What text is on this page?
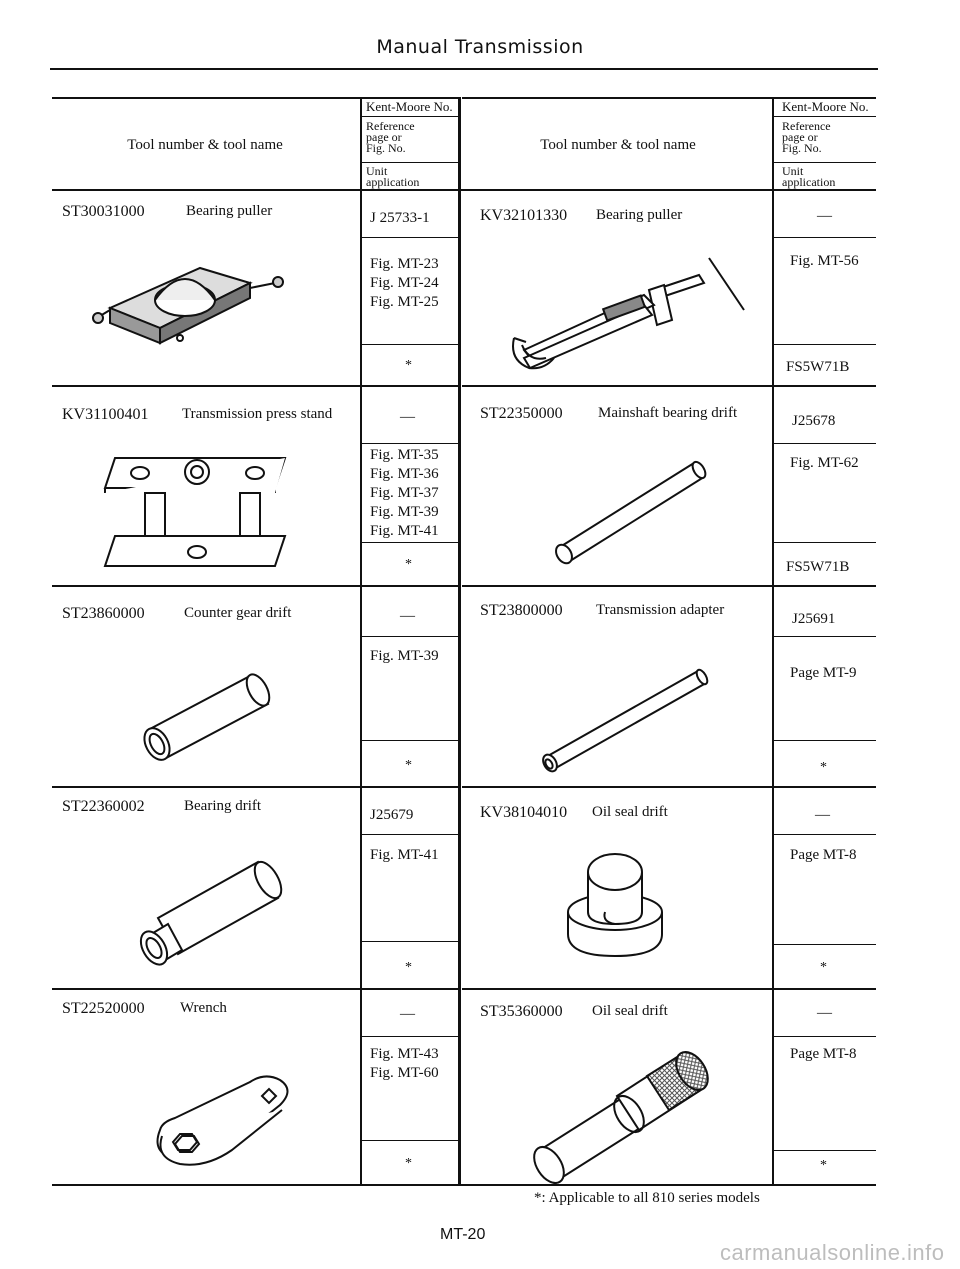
Manual Transmission
Tool number & tool name
Kent-Moore No.
Reference
page or
Fig. No.
Unit
application
Tool number & tool name
Kent-Moore No.
Reference
page or
Fig. No.
Unit
application
ST30031000	Bearing puller	J 25733-1
Fig. MT-23
Fig. MT-24
Fig. MT-25
*
KV31100401 Transmission press stand	—
Fig. MT-35
Fig. MT-36
Fig. MT-37
Fig. MT-39
Fig. MT-41
*
ST23860000	Counter gear drift	—
Fig. MT-39
*
ST22360002	Bearing drift
J25679
Fig. MT-41
*
ST22520000 Wrench	—
Fig. MT-43
Fig. MT-60
*
KV32101330 Bearing puller	—
Fig. MT-56
FS5W71B
ST22350000 Mainshaft bearing drift	J25678
Fig. MT-62
FS5W71B
ST23800000 Transmission adapter
J25691
Page MT-9
*
KV38104010 Oil seal drift	—
Page MT-8
*
ST35360000 Oil seal drift	—
Page MT-8
*
*: Applicable to all 810 series models
MT-20
carmanualsonline.info
